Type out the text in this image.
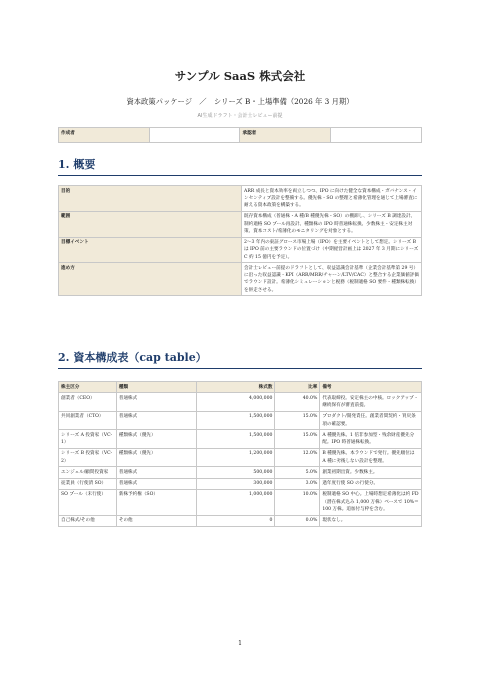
サンプル SaaS 株式会社
資本政策パッケージ　／　シリーズ B・上場準備（2026 年 3 月期）
AI生成ドラフト・会計士レビュー前提
作成者		承認者	
1. 概要
目的	ARR 成長と資本効率を両立しつつ、IPO に向けた健全な資本構成・ガバナンス・インセンティブ設計を整備する。優先株・SO の整理と希薄化管理を通じて上場審査に耐える資本政策を構築する。
範囲	既存資本構成（普通株・A 種/B 種優先株・SO）の棚卸し、シリーズ B 調達設計、制約適格 SO プール再設計、種類株の IPO 時普通株転換、少数株主・安定株主対策、資本コスト/希薄化のモニタリングを対象とする。
目標イベント	2〜3 年内の東証グロース市場上場（IPO）を主要イベントとして想定。シリーズ B は IPO 前の主要ラウンドの位置づけ（中期経営計画上は 2027 年 3 月期にシリーズ C 約 15 億円を予定）。
進め方	会計士レビュー前提のドラフトとして、収益認識会計基準（企業会計基準第 29 号）に沿った収益認識・KPI（ARR/MRR/チャーン/LTV/CAC）と整合する企業価値評価でラウンド設計。希薄化シミュレーションと税務（税制適格 SO 要件・種類株転換）を併走させる。
2. 資本構成表（cap table）
株主区分	種類	株式数	比率	備考
創業者（CEO）	普通株式	4,000,000	40.0%	代表取締役。安定株主の中核。ロックアップ・継続保有が審査前提。
共同創業者（CTO）	普通株式	1,500,000	15.0%	プロダクト/開発責任。創業者間契約・買戻条項の確認要。
シリーズ A 投資家（VC-1）	種類株式（優先）	1,500,000	15.0%	A 種優先株。1 倍非参加型・残余財産優先分配。IPO 時普通株転換。
シリーズ B 投資家（VC-2）	種類株式（優先）	1,200,000	12.0%	B 種優先株。本ラウンドで発行。優先順位は A 種に劣後しない設計を整理。
エンジェル/顧問投資家	普通株式	500,000	5.0%	創業初期出資。少数株主。
従業員（行使済 SO）	普通株式	300,000	3.0%	過年度行使 SO の行使分。
SO プール（未行使）	新株予約権（SO）	1,000,000	10.0%	税制適格 SO 中心。上場時想定希薄化は約 FD（潜在株式込み 1,000 万株）ベースで 10%＝100 万株。追加付与枠を含む。
自己株式/その他	その他	0	0.0%	現状なし。
1
